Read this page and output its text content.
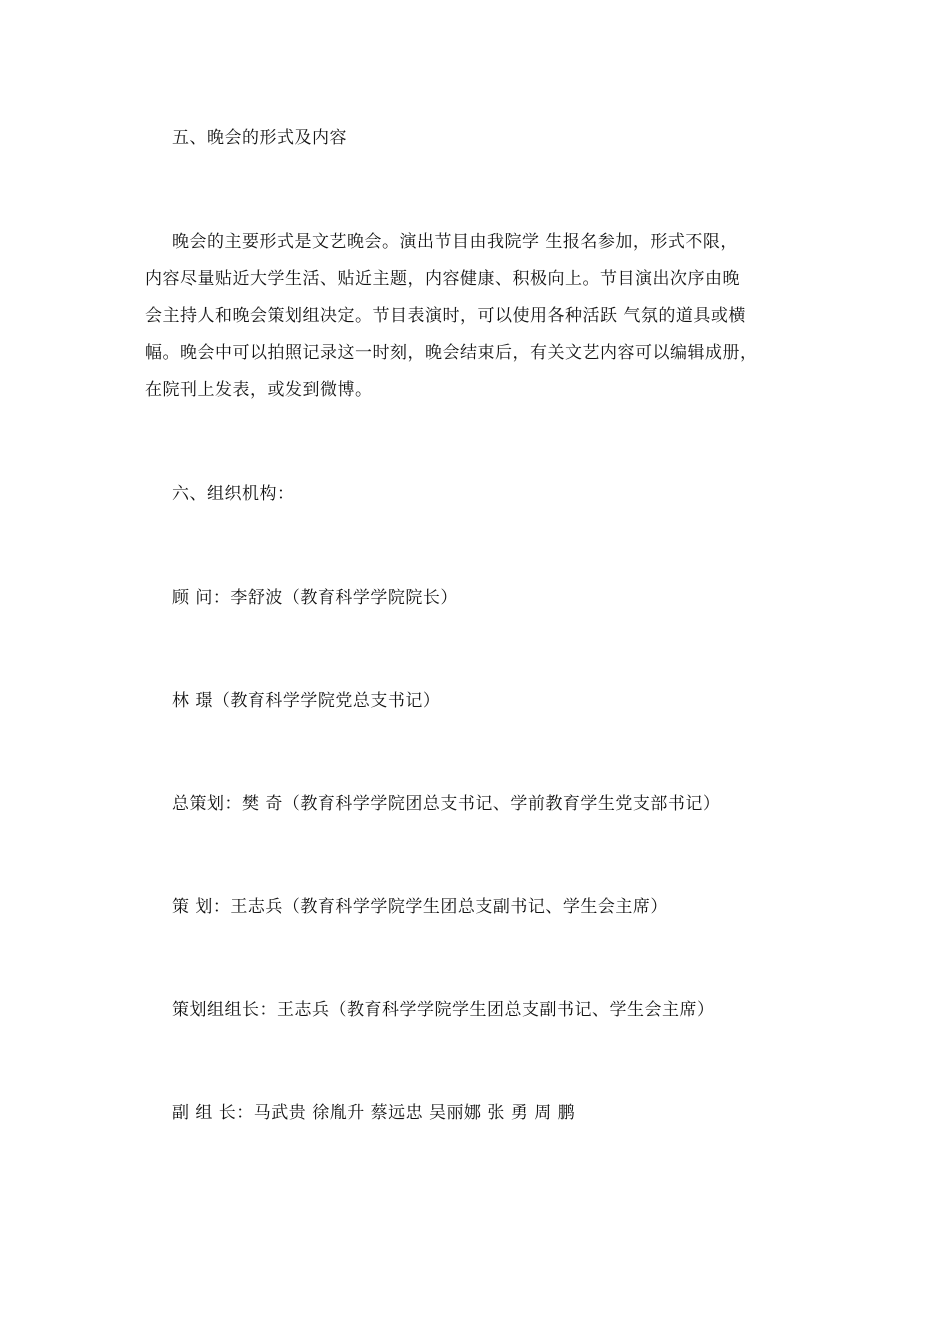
五、晚会的形式及内容
晚会的主要形式是文艺晚会。演出节目由我院学 生报名参加，形式不限，
内容尽量贴近大学生活、贴近主题，内容健康、积极向上。节目演出次序由晚
会主持人和晚会策划组决定。节目表演时，可以使用各种活跃 气氛的道具或横
幅。晚会中可以拍照记录这一时刻，晚会结束后，有关文艺内容可以编辑成册，
在院刊上发表，或发到微博。
六、组织机构：
顾 问：李舒波（教育科学学院院长）
林 璟（教育科学学院党总支书记）
总策划：樊 奇（教育科学学院团总支书记、学前教育学生党支部书记）
策 划：王志兵（教育科学学院学生团总支副书记、学生会主席）
策划组组长：王志兵（教育科学学院学生团总支副书记、学生会主席）
副 组 长：马武贵 徐胤升 蔡远忠 吴丽娜 张 勇 周 鹏
